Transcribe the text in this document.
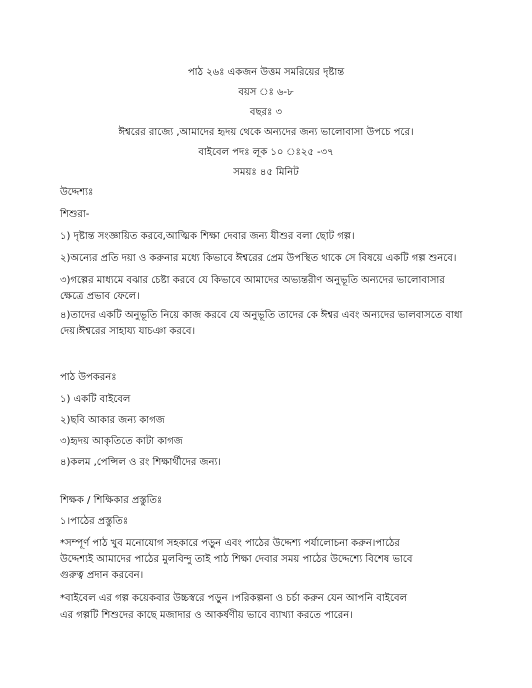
পাঠ ২৬ঃ একজন উত্তম সমরিয়ের দৃষ্টান্ত
বয়স ঃ ৬-৮
বছরঃ ৩
ঈশ্বরের রাজ্যে ,আমাদের হৃদয় থেকে অন্যদের জন্য ভালোবাসা উপচে পরে।
বাইবেল পদঃ লূক ১০ ঃ২৫ -৩৭
সময়ঃ ৪৫ মিনিট
উদ্দেশ্যঃ
শিশুরা-
১) দৃষ্টান্ত সংজ্ঞায়িত করবে,আত্মিক শিক্ষা দেবার জন্য যীশুর বলা ছোট গল্প।
২)অন্যের প্রতি দয়া ও করুনার মধ্যে কিভাবে ঈশ্বরের প্রেম উপস্থিত থাকে সে বিষয়ে একটি গল্প শুনবে।
৩)গল্পের মাধ্যমে বঝার চেষ্টা করবে যে কিভাবে আমাদের অভ্যন্তরীণ অনুভূতি অন্যদের ভালোবাসার
ক্ষেত্রে প্রভাব ফেলে।
৪)তাদের একটি অনুভূতি নিয়ে কাজ করবে যে অনুভূতি তাদের কে ঈশ্বর এবং অন্যদের ভালবাসতে বাধা
দেয়।ঈশ্বরের সাহায্য যাচঞা করবে।
পাঠ উপকরনঃ
১) একটি বাইবেল
২)ছবি আকার জন্য কাগজ
৩)হৃদয় আকৃতিতে কাটা কাগজ
৪)কলম ,পেন্সিল ও রং শিক্ষার্থীদের জন্য।
শিক্ষক / শিক্ষিকার প্রস্তুতিঃ
১।পাঠের প্রস্তুতিঃ
*সম্পূর্ণ পাঠ খুব মনোযোগ সহকারে পড়ুন এবং পাঠের উদ্দেশ্য পর্যালোচনা করুন।পাঠের
উদ্দেশ্যই আমাদের পাঠের মুলবিন্দু তাই পাঠ শিক্ষা দেবার সময় পাঠের উদ্দেশ্যে বিশেষ ভাবে
গুরুত্ব প্রদান করবেন।
*বাইবেল এর গল্প কয়েকবার উচ্চস্বরে পড়ুন ।পরিকল্পনা ও চর্চা করুন যেন আপনি বাইবেল
এর গল্পটি শিশুদের কাছে মজাদার ও আকর্ষণীয় ভাবে ব্যাখ্যা করতে পারেন।
